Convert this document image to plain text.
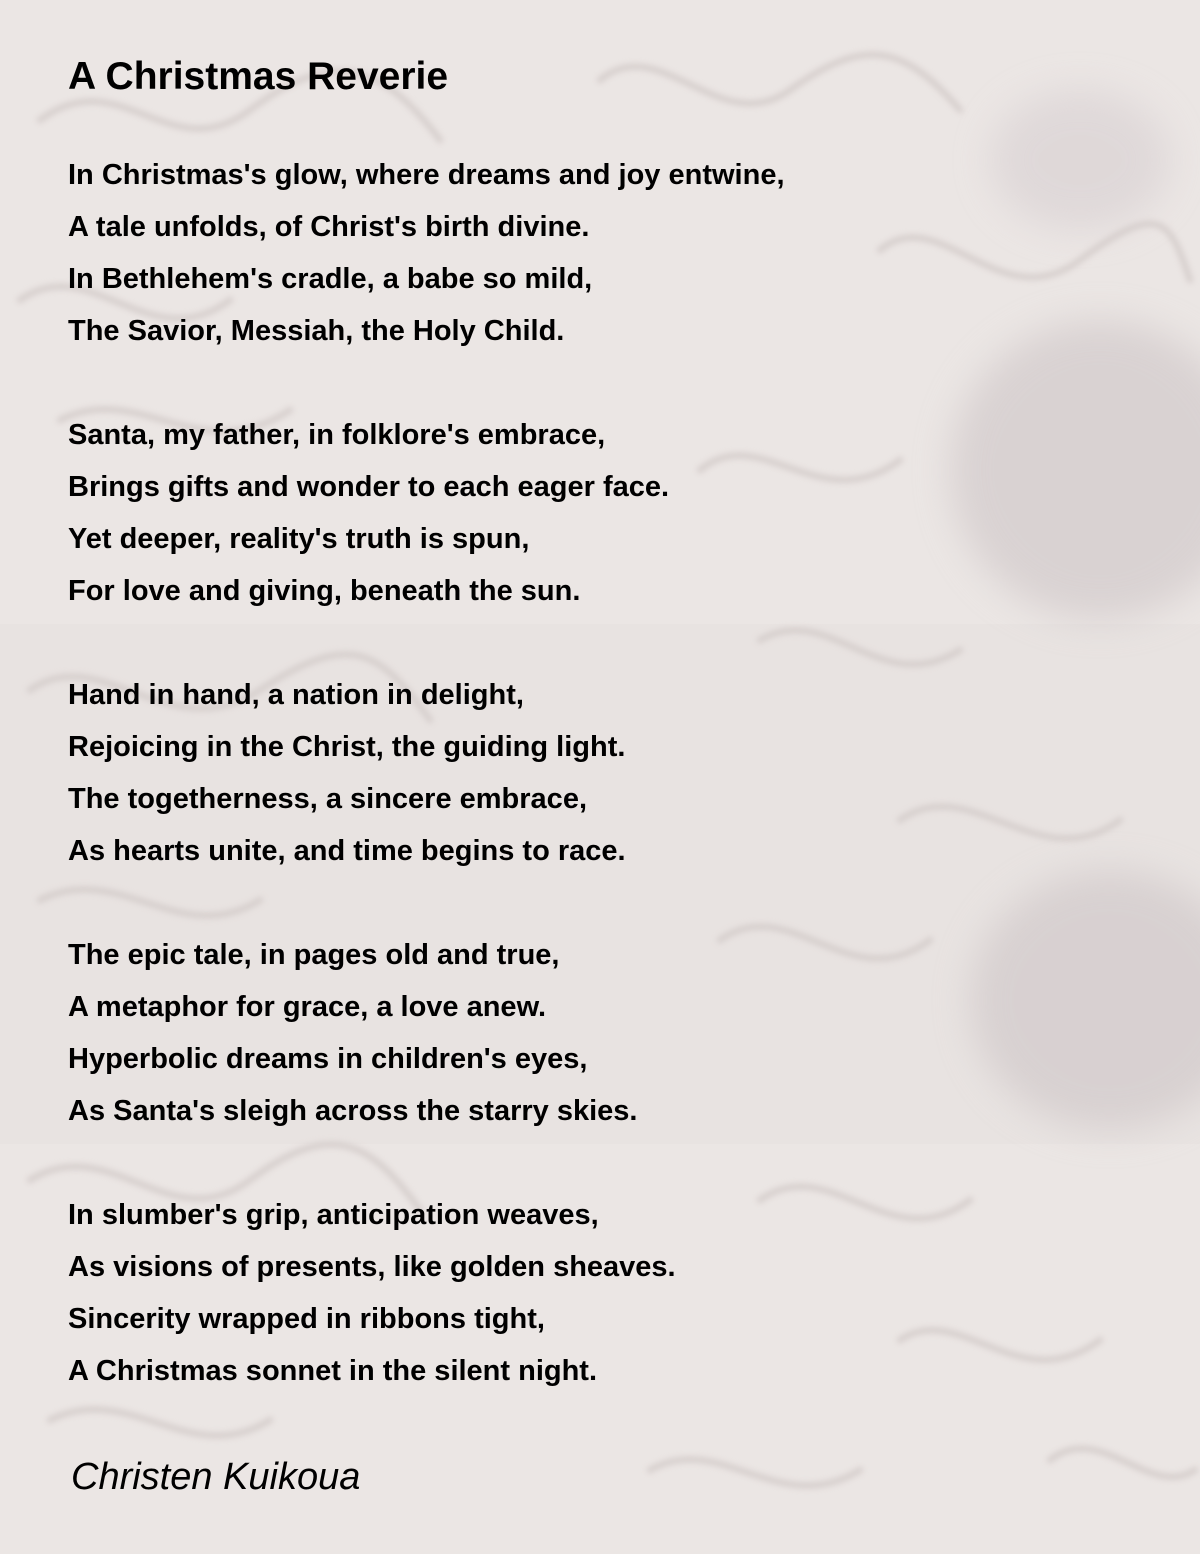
A Christmas Reverie
In Christmas's glow, where dreams and joy entwine,
A tale unfolds, of Christ's birth divine.
In Bethlehem's cradle, a babe so mild,
The Savior, Messiah, the Holy Child.
Santa, my father, in folklore's embrace,
Brings gifts and wonder to each eager face.
Yet deeper, reality's truth is spun,
For love and giving, beneath the sun.
Hand in hand, a nation in delight,
Rejoicing in the Christ, the guiding light.
The togetherness, a sincere embrace,
As hearts unite, and time begins to race.
The epic tale, in pages old and true,
A metaphor for grace, a love anew.
Hyperbolic dreams in children's eyes,
As Santa's sleigh across the starry skies.
In slumber's grip, anticipation weaves,
As visions of presents, like golden sheaves.
Sincerity wrapped in ribbons tight,
A Christmas sonnet in the silent night.

Christen Kuikoua
